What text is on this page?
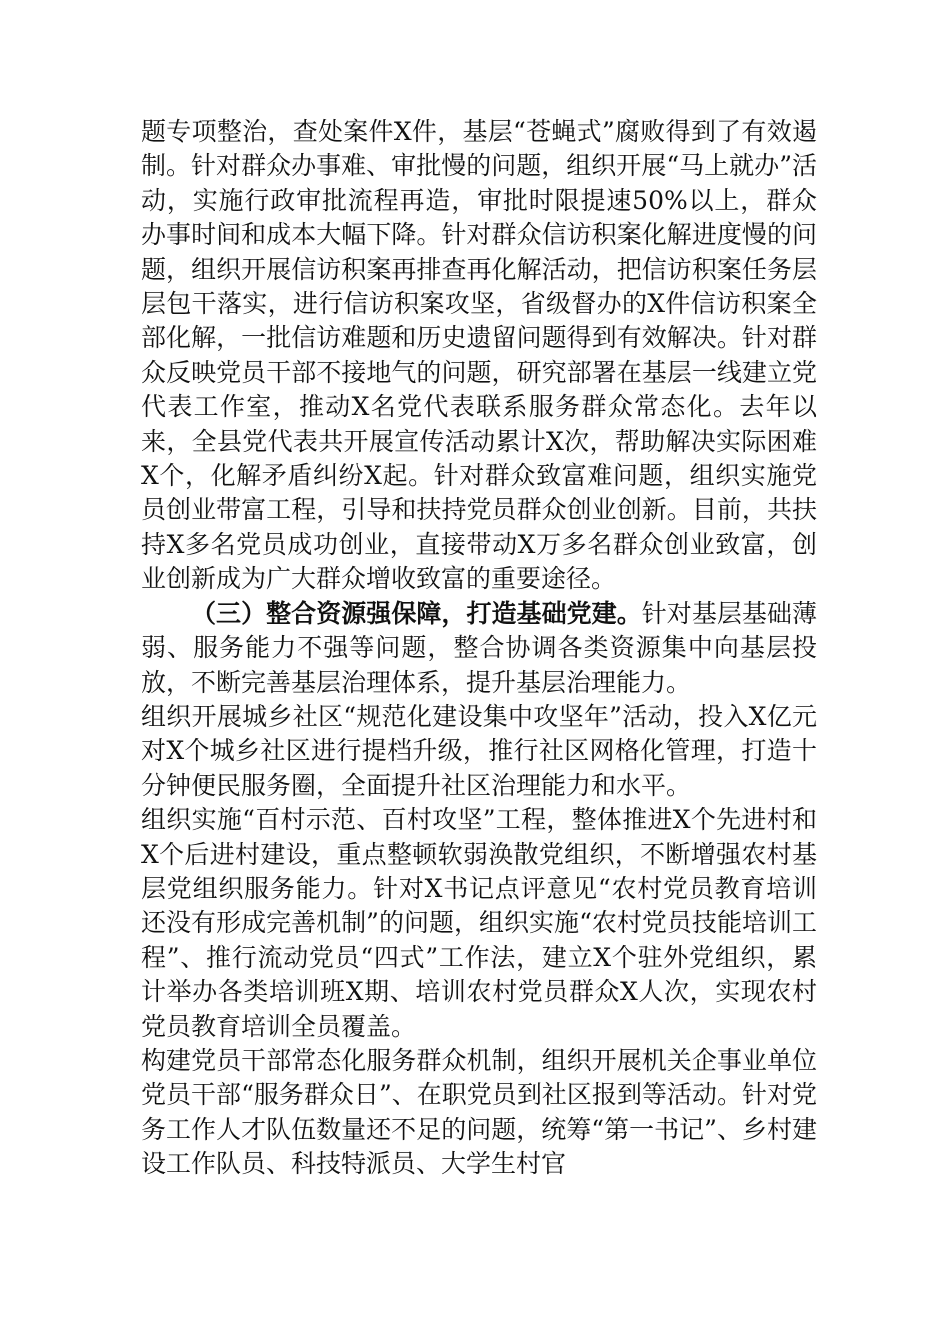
题专项整治，查处案件X件，基层“苍蝇式”腐败得到了有效遏制。针对群众办事难、审批慢的问题，组织开展“马上就办”活动，实施行政审批流程再造，审批时限提速50%以上，群众办事时间和成本大幅下降。针对群众信访积案化解进度慢的问题，组织开展信访积案再排查再化解活动，把信访积案任务层层包干落实，进行信访积案攻坚，省级督办的X件信访积案全部化解，一批信访难题和历史遗留问题得到有效解决。针对群众反映党员干部不接地气的问题，研究部署在基层一线建立党代表工作室，推动X名党代表联系服务群众常态化。去年以来，全县党代表共开展宣传活动累计X次，帮助解决实际困难X个，化解矛盾纠纷X起。针对群众致富难问题，组织实施党员创业带富工程，引导和扶持党员群众创业创新。目前，共扶持X多名党员成功创业，直接带动X万多名群众创业致富，创业创新成为广大群众增收致富的重要途径。

（三）整合资源强保障，打造基础党建。针对基层基础薄弱、服务能力不强等问题，整合协调各类资源集中向基层投放，不断完善基层治理体系，提升基层治理能力。

组织开展城乡社区“规范化建设集中攻坚年”活动，投入X亿元对X个城乡社区进行提档升级，推行社区网格化管理，打造十分钟便民服务圈，全面提升社区治理能力和水平。

组织实施“百村示范、百村攻坚”工程，整体推进X个先进村和X个后进村建设，重点整顿软弱涣散党组织，不断增强农村基层党组织服务能力。针对X书记点评意见“农村党员教育培训还没有形成完善机制”的问题，组织实施“农村党员技能培训工程”、推行流动党员“四式”工作法，建立X个驻外党组织，累计举办各类培训班X期、培训农村党员群众X人次，实现农村党员教育培训全员覆盖。

构建党员干部常态化服务群众机制，组织开展机关企事业单位党员干部“服务群众日”、在职党员到社区报到等活动。针对党务工作人才队伍数量还不足的问题，统筹“第一书记”、乡村建设工作队员、科技特派员、大学生村官
